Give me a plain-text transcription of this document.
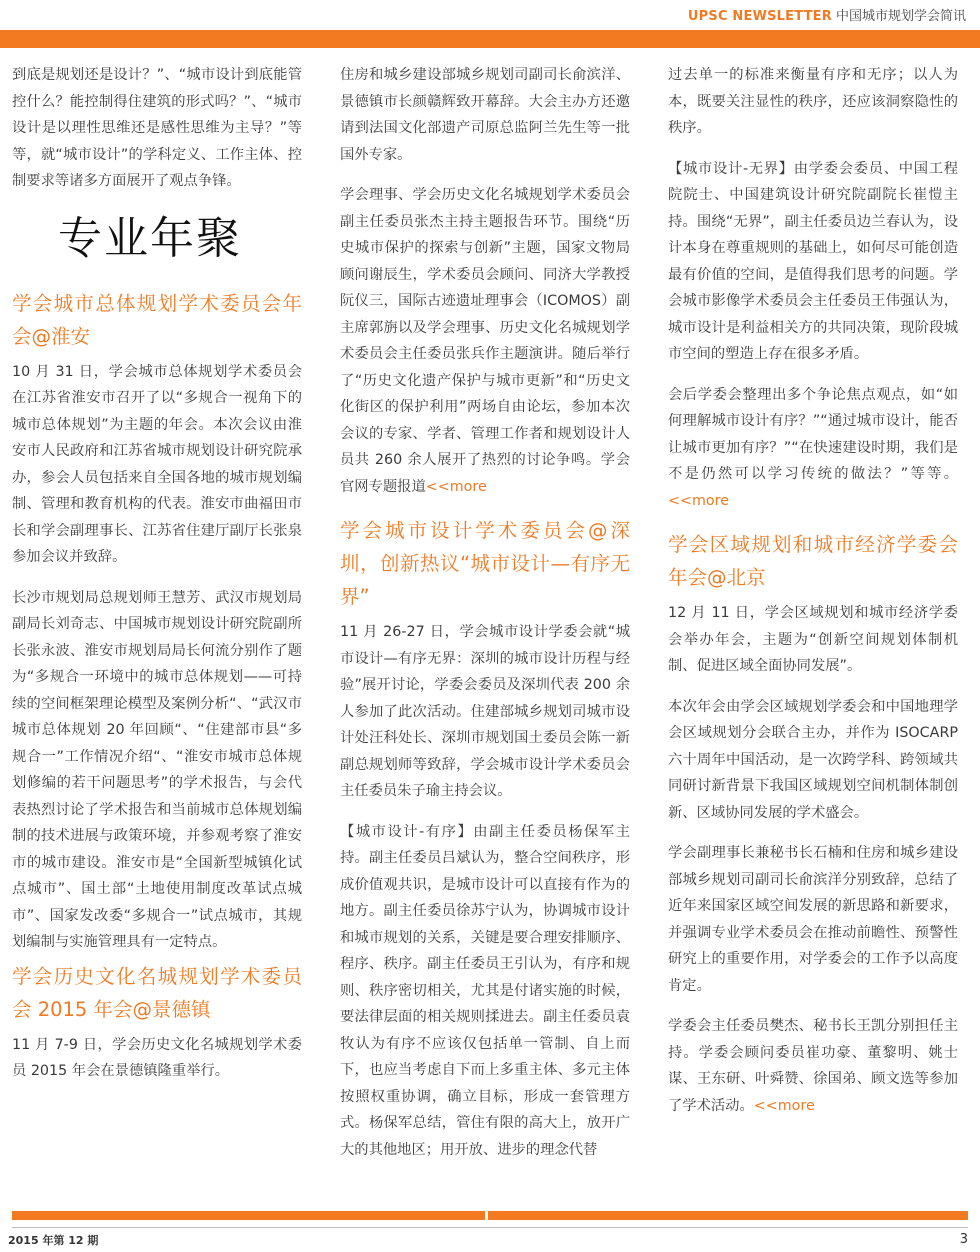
UPSC NEWSLETTER 中国城市规划学会简讯

到底是规划还是设计？”、“城市设计到底能管控什么？能控制得住建筑的形式吗？”、“城市设计是以理性思维还是感性思维为主导？”等等，就“城市设计”的学科定义、工作主体、控制要求等诸多方面展开了观点争锋。

专业年聚
学会城市总体规划学术委员会年会@淮安

10 月 31 日，学会城市总体规划学术委员会在江苏省淮安市召开了以“多规合一视角下的城市总体规划”为主题的年会。本次会议由淮安市人民政府和江苏省城市规划设计研究院承办，参会人员包括来自全国各地的城市规划编制、管理和教育机构的代表。淮安市曲福田市长和学会副理事长、江苏省住建厅副厅长张泉参加会议并致辞。

长沙市规划局总规划师王慧芳、武汉市规划局副局长刘奇志、中国城市规划设计研究院副所长张永波、淮安市规划局局长何流分别作了题为“多规合一环境中的城市总体规划——可持续的空间框架理论模型及案例分析“、“武汉市城市总体规划 20 年回顾“、“住建部市县“多规合一”工作情况介绍“、“淮安市城市总体规划修编的若干问题思考”的学术报告，与会代表热烈讨论了学术报告和当前城市总体规划编制的技术进展与政策环境，并参观考察了淮安市的城市建设。淮安市是“全国新型城镇化试点城市”、国土部“土地使用制度改革试点城市”、国家发改委“多规合一”试点城市，其规划编制与实施管理具有一定特点。

学会历史文化名城规划学术委员会 2015 年会@景德镇

11 月 7-9 日，学会历史文化名城规划学术委员 2015 年会在景德镇隆重举行。

住房和城乡建设部城乡规划司副司长俞滨洋、景德镇市长颜赣辉致开幕辞。大会主办方还邀请到法国文化部遗产司原总监阿兰先生等一批国外专家。

学会理事、学会历史文化名城规划学术委员会副主任委员张杰主持主题报告环节。围绕“历史城市保护的探索与创新”主题，国家文物局顾问谢辰生，学术委员会顾问、同济大学教授阮仪三，国际古迹遗址理事会（ICOMOS）副主席郭旃以及学会理事、历史文化名城规划学术委员会主任委员张兵作主题演讲。随后举行了“历史文化遗产保护与城市更新”和“历史文化街区的保护利用”两场自由论坛，参加本次会议的专家、学者、管理工作者和规划设计人员共 260 余人展开了热烈的讨论争鸣。学会官网专题报道<<more

学会城市设计学术委员会@深圳，创新热议“城市设计—有序无界”

11 月 26-27 日，学会城市设计学委会就“城市设计—有序无界：深圳的城市设计历程与经验”展开讨论，学委会委员及深圳代表 200 余人参加了此次活动。住建部城乡规划司城市设计处汪科处长、深圳市规划国土委员会陈一新副总规划师等致辞，学会城市设计学术委员会主任委员朱子瑜主持会议。

【城市设计-有序】由副主任委员杨保军主持。副主任委员吕斌认为，整合空间秩序，形成价值观共识，是城市设计可以直接有作为的地方。副主任委员徐苏宁认为，协调城市设计和城市规划的关系，关键是要合理安排顺序、程序、秩序。副主任委员王引认为，有序和规则、秩序密切相关，尤其是付诸实施的时候，要法律层面的相关规则揉进去。副主任委员袁牧认为有序不应该仅包括单一管制、自上而下，也应当考虑自下而上多重主体、多元主体按照权重协调，确立目标，形成一套管理方式。杨保军总结，管住有限的高大上，放开广大的其他地区；用开放、进步的理念代替

过去单一的标准来衡量有序和无序；以人为本，既要关注显性的秩序，还应该洞察隐性的秩序。

【城市设计-无界】由学委会委员、中国工程院院士、中国建筑设计研究院副院长崔愷主持。围绕“无界”，副主任委员边兰春认为，设计本身在尊重规则的基础上，如何尽可能创造最有价值的空间，是值得我们思考的问题。学会城市影像学术委员会主任委员王伟强认为，城市设计是利益相关方的共同决策，现阶段城市空间的塑造上存在很多矛盾。

会后学委会整理出多个争论焦点观点，如“如何理解城市设计有序？”“通过城市设计，能否让城市更加有序？”“在快速建设时期，我们是不是仍然可以学习传统的做法？”等等。<<more

学会区域规划和城市经济学委会年会@北京

12 月 11 日，学会区域规划和城市经济学委会举办年会，主题为“创新空间规划体制机制、促进区域全面协同发展”。

本次年会由学会区域规划学委会和中国地理学会区域规划分会联合主办，并作为 ISOCARP 六十周年中国活动，是一次跨学科、跨领域共同研讨新背景下我国区域规划空间机制体制创新、区域协同发展的学术盛会。

学会副理事长兼秘书长石楠和住房和城乡建设部城乡规划司副司长俞滨洋分别致辞，总结了近年来国家区域空间发展的新思路和新要求，并强调专业学术委员会在推动前瞻性、预警性研究上的重要作用，对学委会的工作予以高度肯定。

学委会主任委员樊杰、秘书长王凯分别担任主持。学委会顾问委员崔功豪、董黎明、姚士谋、王东研、叶舜赞、徐国弟、顾文选等参加了学术活动。<<more

2015 年第 12 期	3
